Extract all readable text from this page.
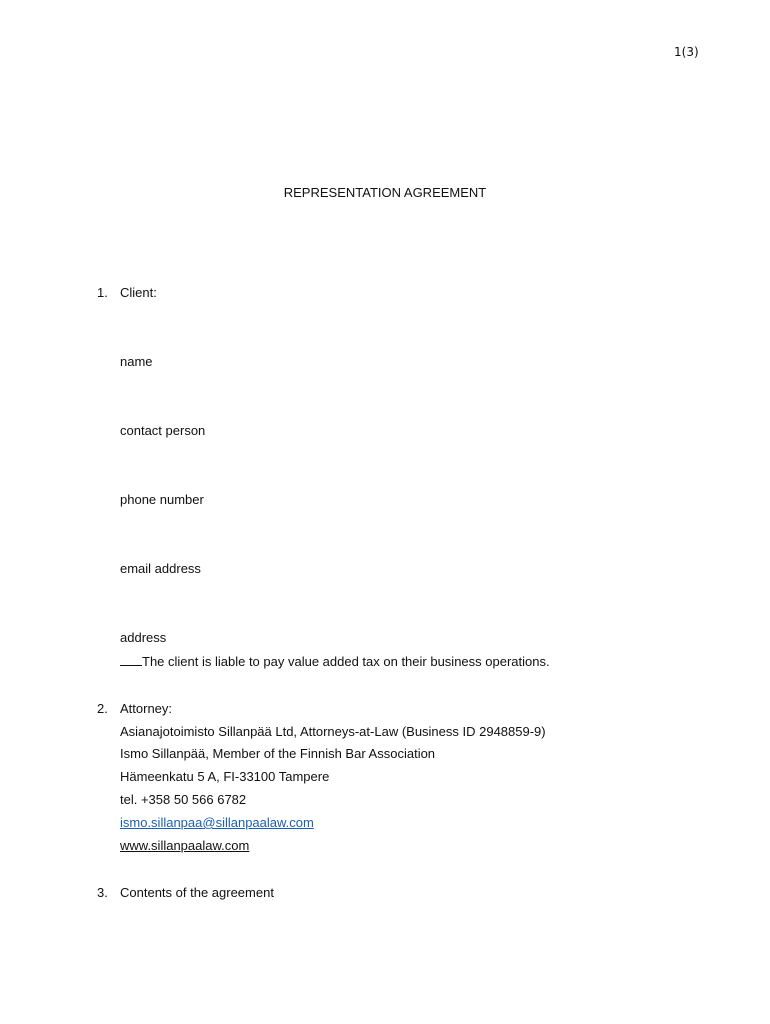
1(3)
REPRESENTATION AGREEMENT
1. Client:
name
contact person
phone number
email address
address
The client is liable to pay value added tax on their business operations.
2. Attorney:
Asianajotoimisto Sillanpää Ltd, Attorneys-at-Law (Business ID 2948859-9)
Ismo Sillanpää, Member of the Finnish Bar Association
Hämeenkatu 5 A, FI-33100 Tampere
tel. +358 50 566 6782
ismo.sillanpaa@sillanpaalaw.com
www.sillanpaalaw.com
3. Contents of the agreement
